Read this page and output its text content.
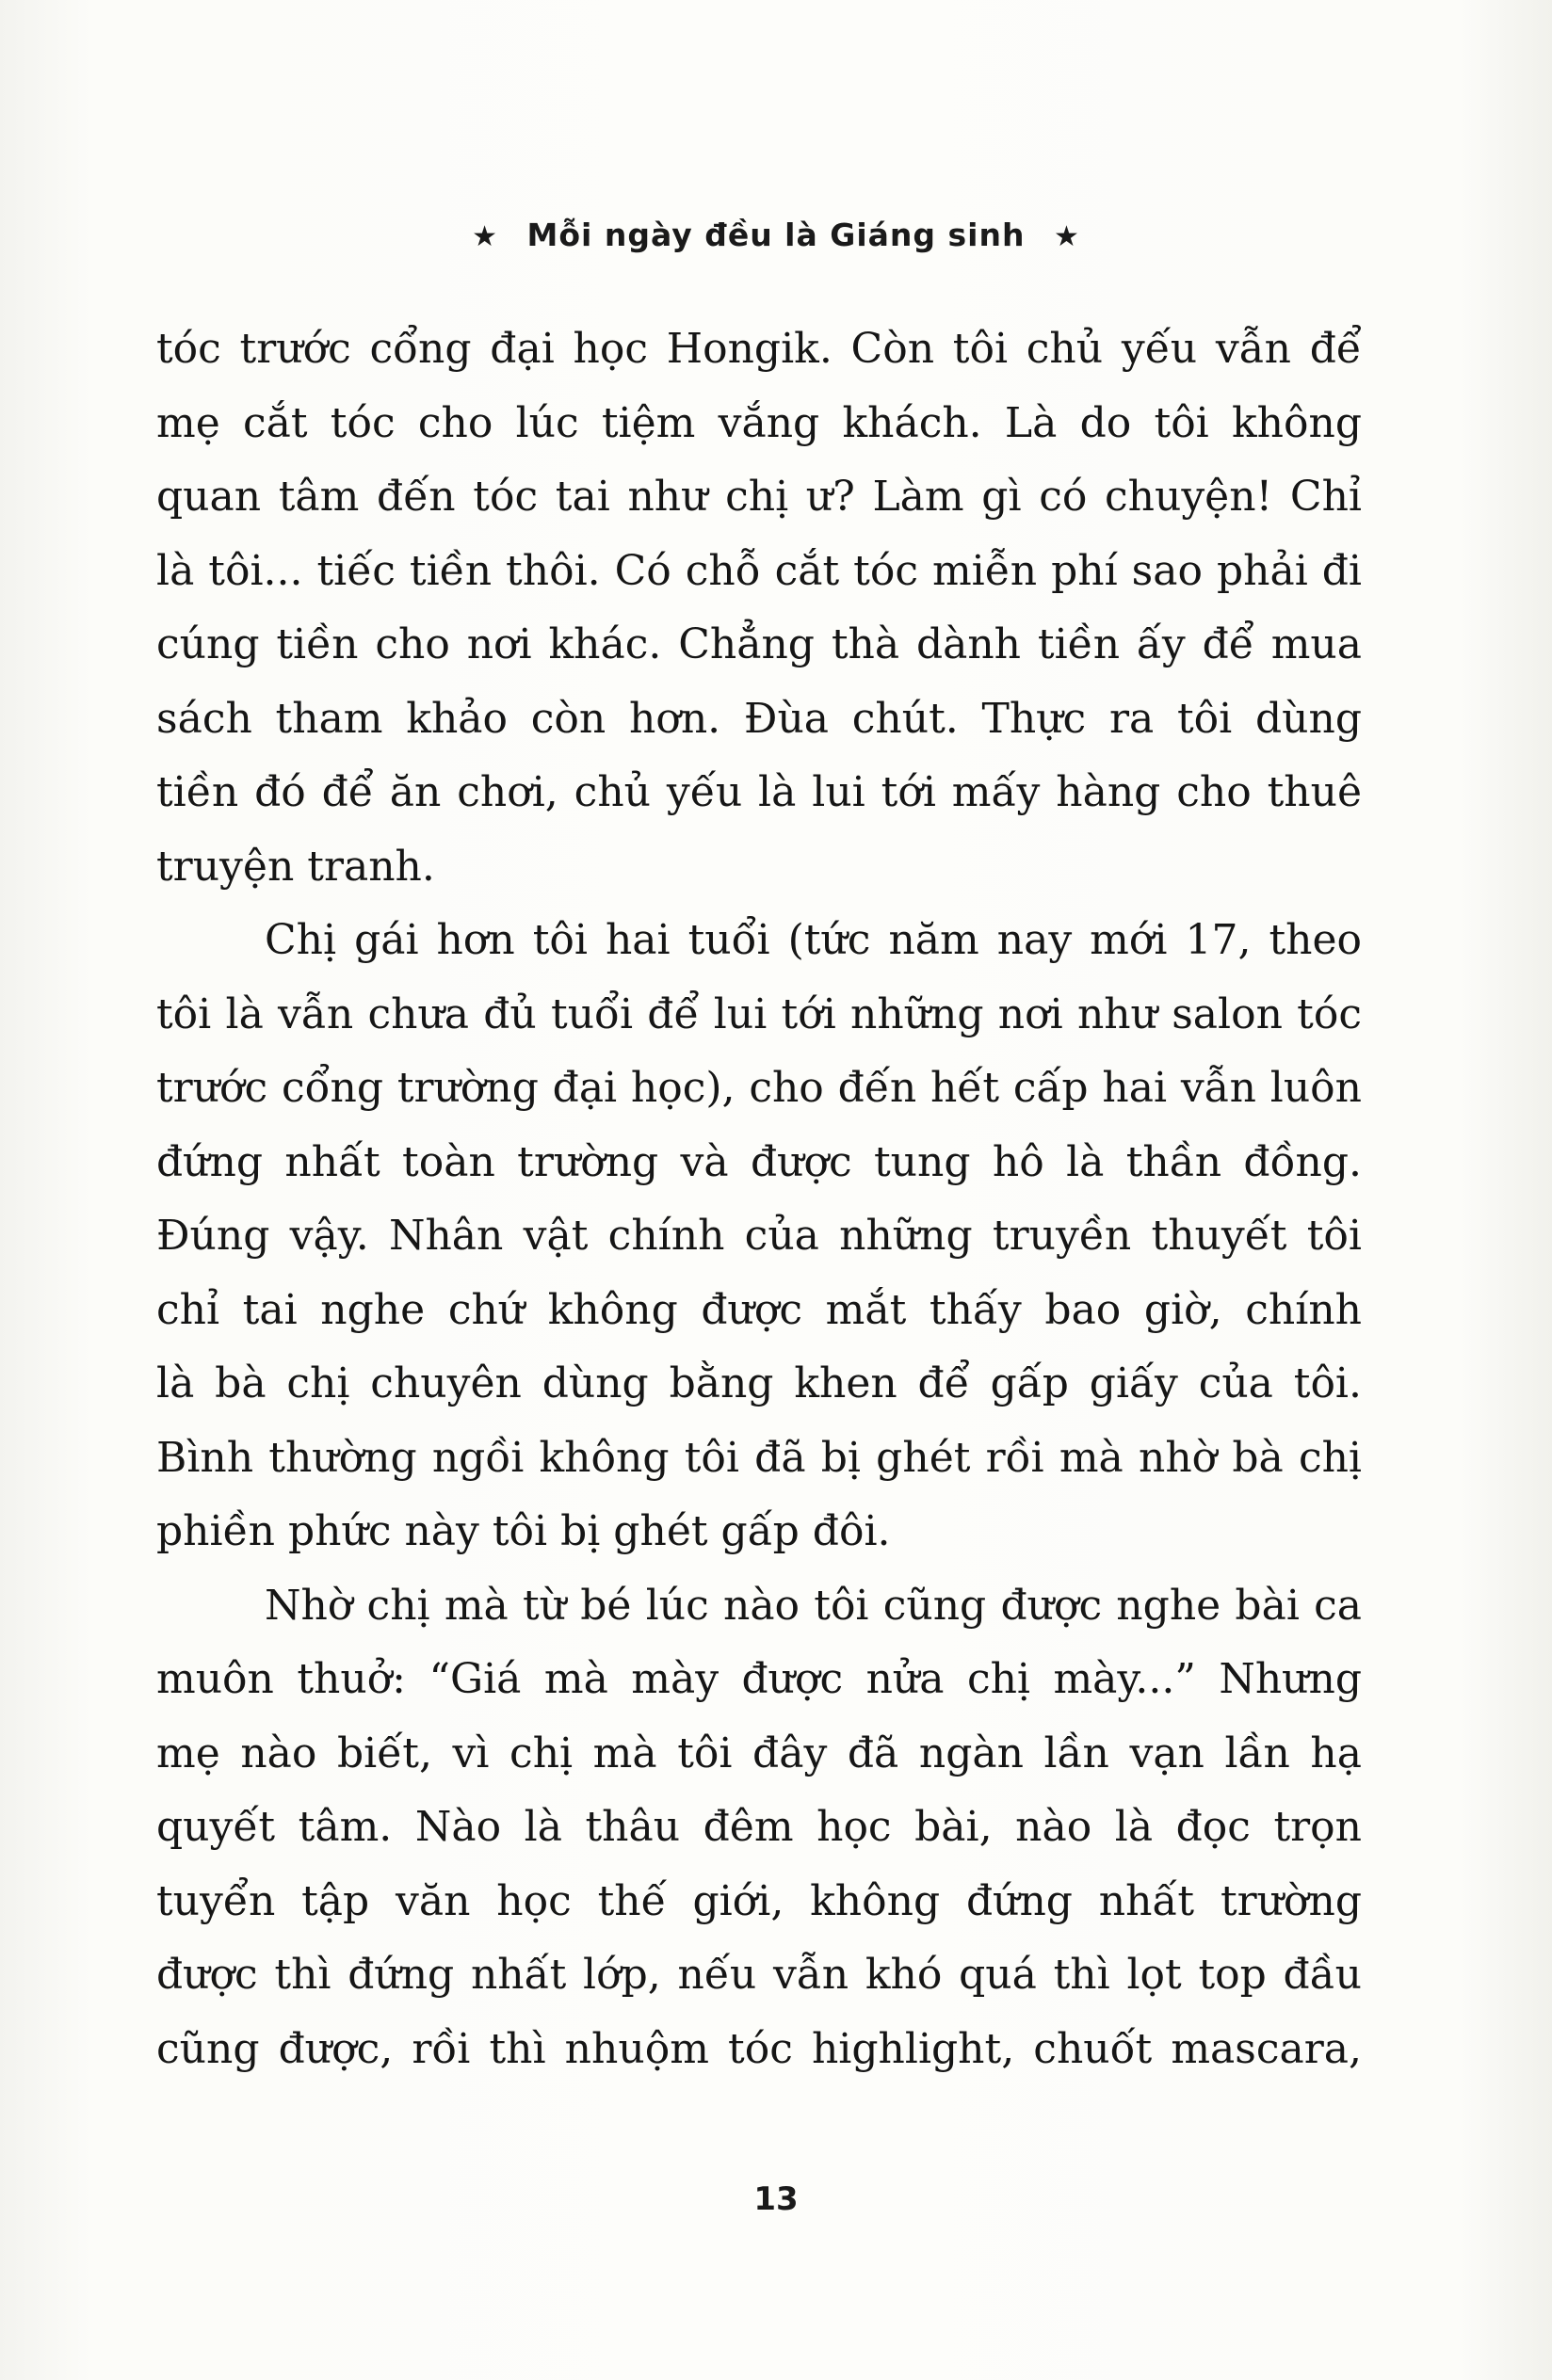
★ Mỗi ngày đều là Giáng sinh ★
tóc trước cổng đại học Hongik. Còn tôi chủ yếu vẫn để
mẹ cắt tóc cho lúc tiệm vắng khách. Là do tôi không
quan tâm đến tóc tai như chị ư? Làm gì có chuyện! Chỉ
là tôi... tiếc tiền thôi. Có chỗ cắt tóc miễn phí sao phải đi
cúng tiền cho nơi khác. Chẳng thà dành tiền ấy để mua
sách tham khảo còn hơn. Đùa chút. Thực ra tôi dùng
tiền đó để ăn chơi, chủ yếu là lui tới mấy hàng cho thuê
truyện tranh.
Chị gái hơn tôi hai tuổi (tức năm nay mới 17, theo
tôi là vẫn chưa đủ tuổi để lui tới những nơi như salon tóc
trước cổng trường đại học), cho đến hết cấp hai vẫn luôn
đứng nhất toàn trường và được tung hô là thần đồng.
Đúng vậy. Nhân vật chính của những truyền thuyết tôi
chỉ tai nghe chứ không được mắt thấy bao giờ, chính
là bà chị chuyên dùng bằng khen để gấp giấy của tôi.
Bình thường ngồi không tôi đã bị ghét rồi mà nhờ bà chị
phiền phức này tôi bị ghét gấp đôi.
Nhờ chị mà từ bé lúc nào tôi cũng được nghe bài ca
muôn thuở: “Giá mà mày được nửa chị mày...” Nhưng
mẹ nào biết, vì chị mà tôi đây đã ngàn lần vạn lần hạ
quyết tâm. Nào là thâu đêm học bài, nào là đọc trọn
tuyển tập văn học thế giới, không đứng nhất trường
được thì đứng nhất lớp, nếu vẫn khó quá thì lọt top đầu
cũng được, rồi thì nhuộm tóc highlight, chuốt mascara,
13
